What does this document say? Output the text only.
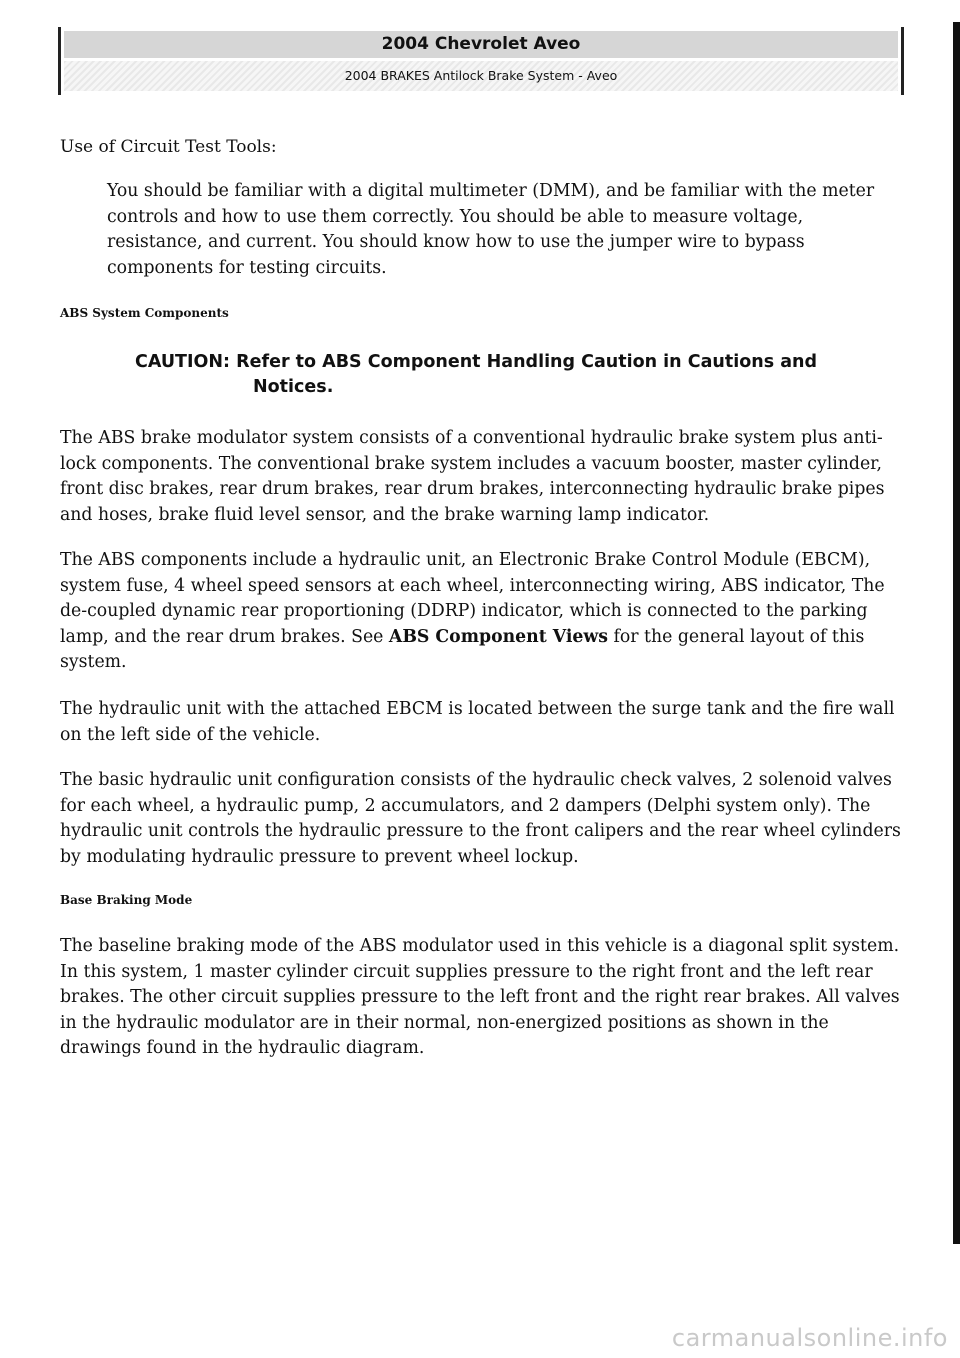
2004 Chevrolet Aveo
2004 BRAKES Antilock Brake System - Aveo
Use of Circuit Test Tools:

You should be familiar with a digital multimeter (DMM), and be familiar with the meter controls and how to use them correctly. You should be able to measure voltage, resistance, and current. You should know how to use the jumper wire to bypass components for testing circuits.

ABS System Components
CAUTION: Refer to ABS Component Handling Caution in Cautions and
Notices.

The ABS brake modulator system consists of a conventional hydraulic brake system plus anti-lock components. The conventional brake system includes a vacuum booster, master cylinder, front disc brakes, rear drum brakes, rear drum brakes, interconnecting hydraulic brake pipes and hoses, brake fluid level sensor, and the brake warning lamp indicator.

The ABS components include a hydraulic unit, an Electronic Brake Control Module (EBCM), system fuse, 4 wheel speed sensors at each wheel, interconnecting wiring, ABS indicator, The de-coupled dynamic rear proportioning (DDRP) indicator, which is connected to the parking lamp, and the rear drum brakes. See ABS Component Views for the general layout of this system.

The hydraulic unit with the attached EBCM is located between the surge tank and the fire wall on the left side of the vehicle.

The basic hydraulic unit configuration consists of the hydraulic check valves, 2 solenoid valves for each wheel, a hydraulic pump, 2 accumulators, and 2 dampers (Delphi system only). The hydraulic unit controls the hydraulic pressure to the front calipers and the rear wheel cylinders by modulating hydraulic pressure to prevent wheel lockup.

Base Braking Mode

The baseline braking mode of the ABS modulator used in this vehicle is a diagonal split system. In this system, 1 master cylinder circuit supplies pressure to the right front and the left rear brakes. The other circuit supplies pressure to the left front and the right rear brakes. All valves in the hydraulic modulator are in their normal, non-energized positions as shown in the drawings found in the hydraulic diagram.

carmanualsonline.info
